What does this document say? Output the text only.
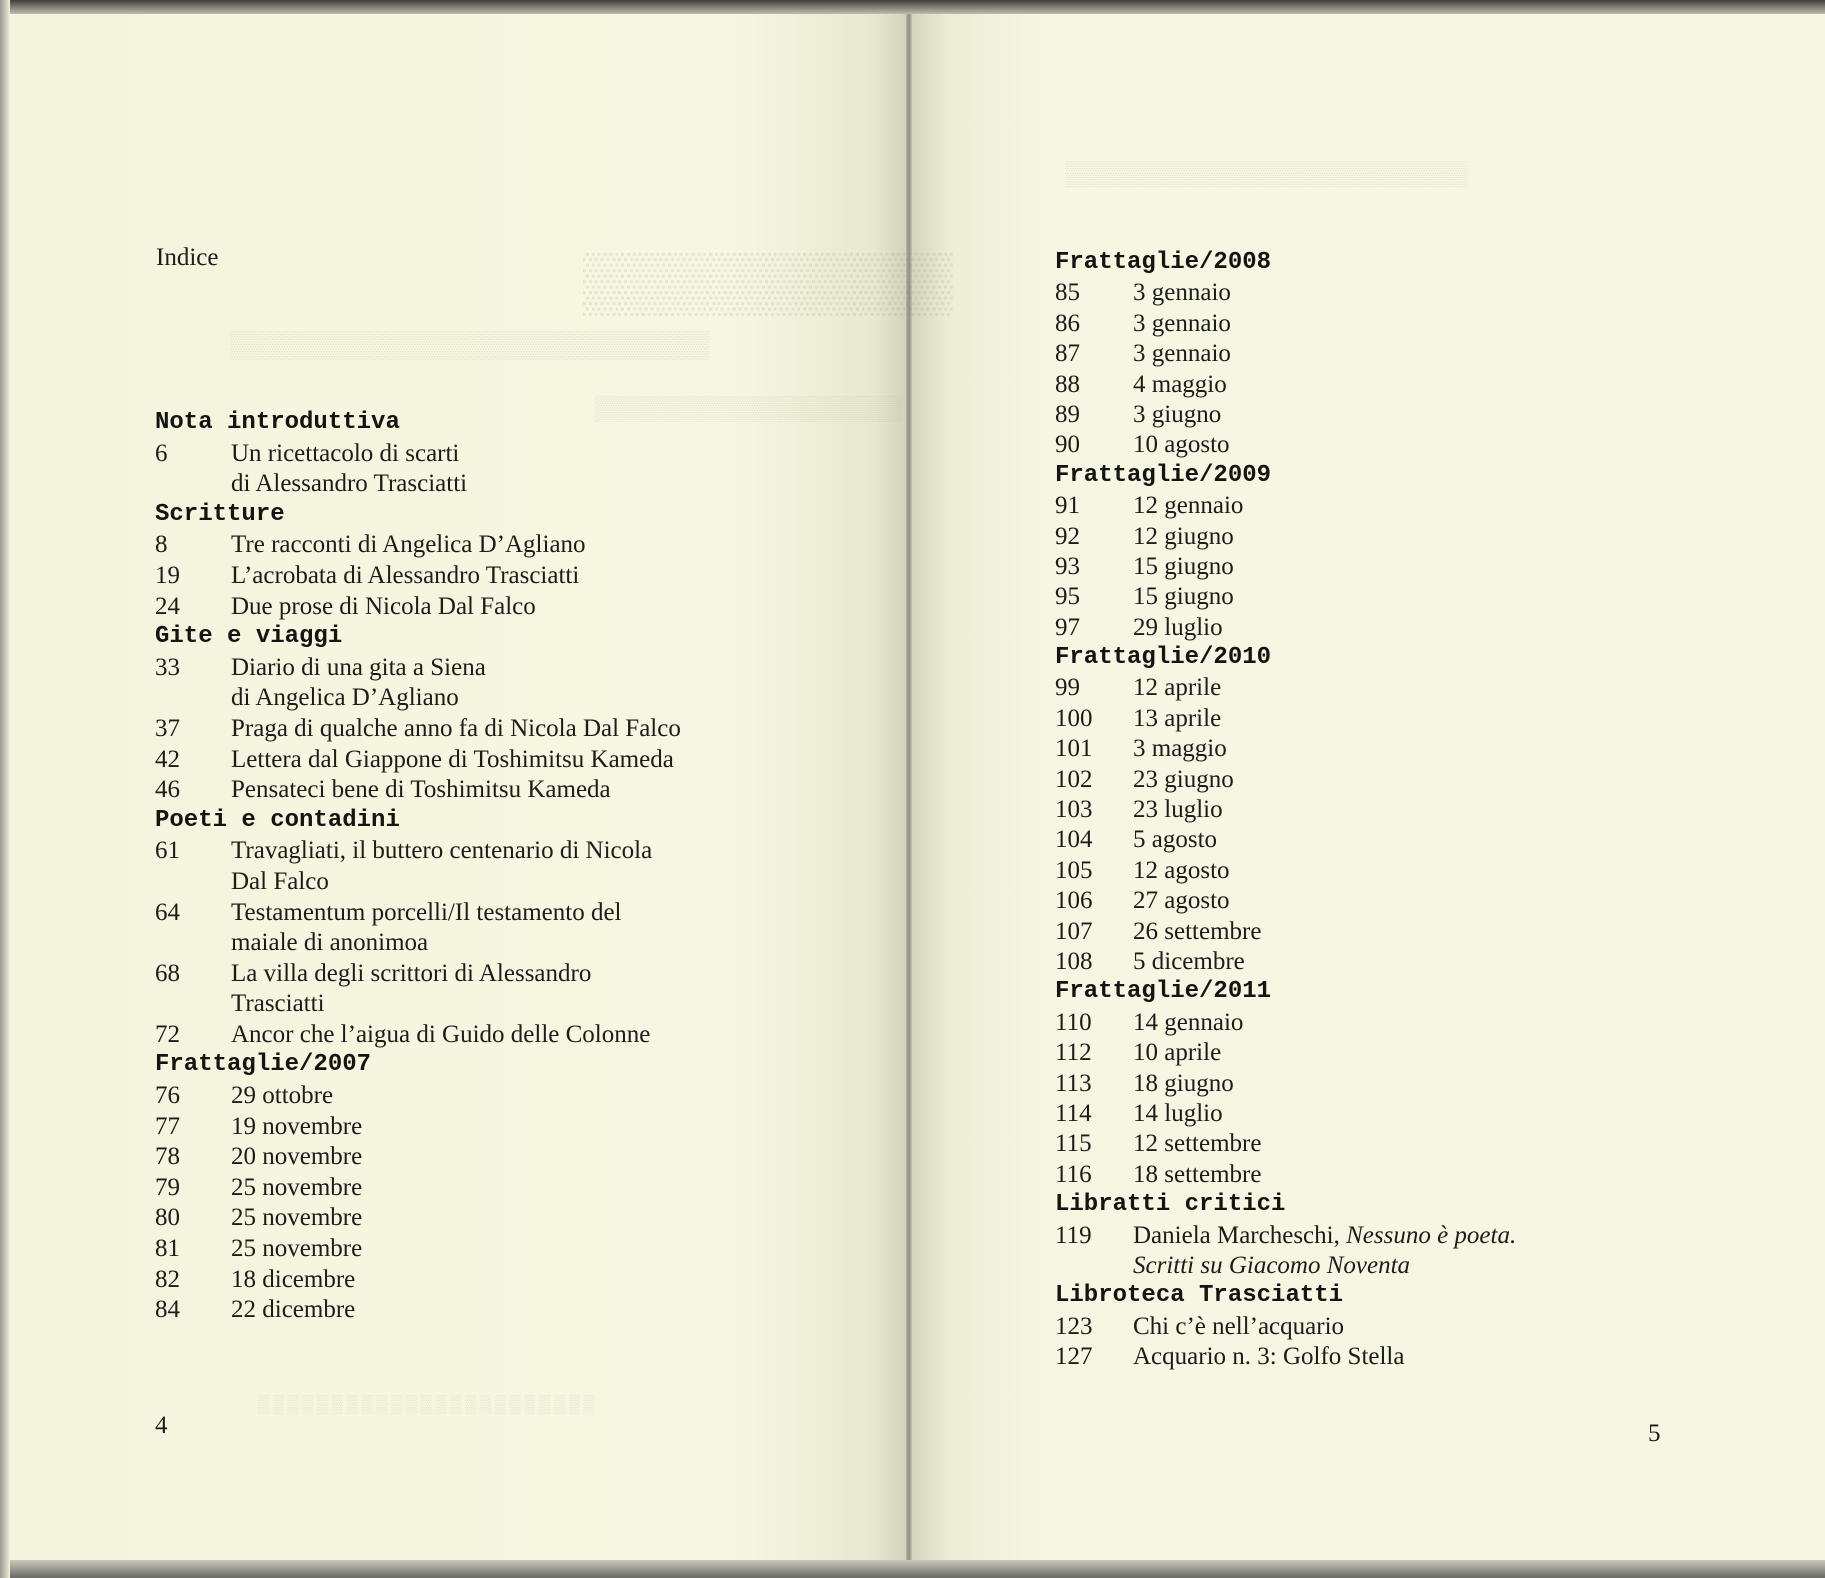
▒▒▒▒▒▒▒▒▒
▒▒▒▒▒▒▒▒▒▒▒▒▒▒▒▒▒▒▒▒▒▒▒▒▒▒
▒▒▒▒▒▒▒▒▒▒▒▒▒▒▒▒▒▒
▒▒▒▒▒▒▒▒▒▒▒▒▒▒▒▒▒▒▒▒▒▒▒▒▒▒▒▒
▒▒▒▒▒▒▒▒▒▒▒▒▒▒▒▒▒▒▒▒▒▒▒
Indice
Nota introduttiva
6	Un ricettacolo di scarti
di Alessandro Trasciatti
Scritture
8	Tre racconti di Angelica D’Agliano
19 L’acrobata di Alessandro Trasciatti
24 Due prose di Nicola Dal Falco
Gite e viaggi
33 Diario di una gita a Siena
di Angelica D’Agliano
37 Praga di qualche anno fa di Nicola Dal Falco
42 Lettera dal Giappone di Toshimitsu Kameda
46 Pensateci bene di Toshimitsu Kameda
Poeti e contadini
61 Travagliati, il buttero centenario di Nicola
Dal Falco
64 Testamentum porcelli/Il testamento del
maiale di anonimoa
68 La villa degli scrittori di Alessandro
Trasciatti
72 Ancor che l’aigua di Guido delle Colonne
Frattaglie/2007
76 29 ottobre
77 19 novembre
78 20 novembre
79 25 novembre
80 25 novembre
81 25 novembre
82 18 dicembre
84 22 dicembre
Frattaglie/2008
85 3 gennaio
86 3 gennaio
87 3 gennaio
88 4 maggio
89 3 giugno
90 10 agosto
Frattaglie/2009
91 12 gennaio
92 12 giugno
93 15 giugno
95 15 giugno
97 29 luglio
Frattaglie/2010
99 12 aprile
100 13 aprile
101 3 maggio
102 23 giugno
103 23 luglio
104 5 agosto
105 12 agosto
106 27 agosto
107 26 settembre
108 5 dicembre
Frattaglie/2011
110 14 gennaio
112 10 aprile
113 18 giugno
114 14 luglio
115 12 settembre
116 18 settembre
Libratti critici
119 Daniela Marcheschi, Nessuno è poeta.
Scritti su Giacomo Noventa
Libroteca Trasciatti
123 Chi c’è nell’acquario
127 Acquario n. 3: Golfo Stella
4	5
